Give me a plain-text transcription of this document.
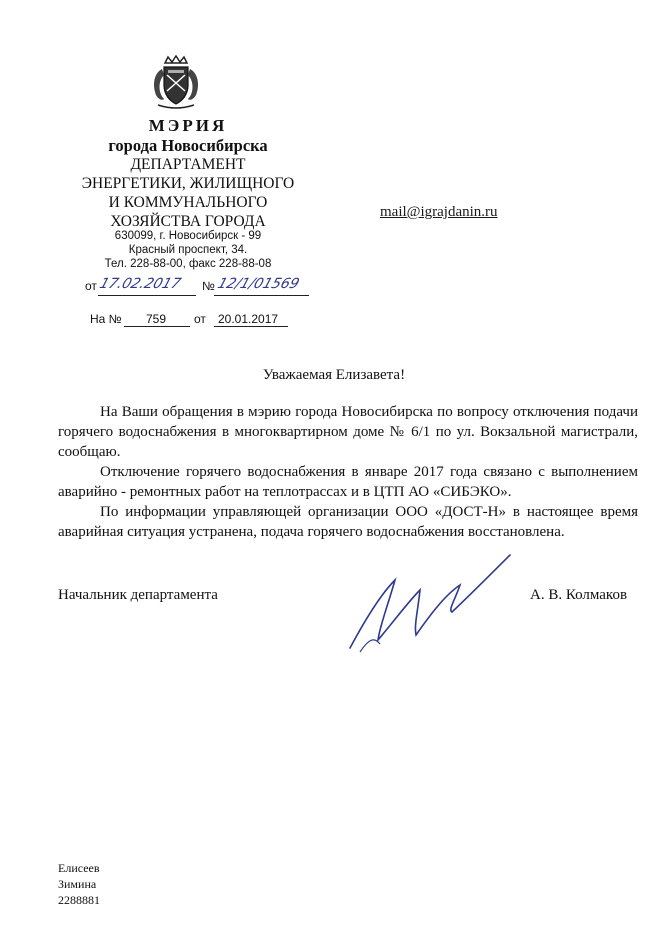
МЭРИЯ
города Новосибирска
ДЕПАРТАМЕНТ
ЭНЕРГЕТИКИ, ЖИЛИЩНОГО
И КОММУНАЛЬНОГО
ХОЗЯЙСТВА ГОРОДА
630099, г. Новосибирск - 99
Красный проспект, 34.
Тел. 228-88-00, факс 228-88-08
mail@igrajdanin.ru
от 17.02.2017 № 12/1/01569
На № 759 от 20.01.2017
Уважаемая Елизавета!

На Ваши обращения в мэрию города Новосибирска по вопросу отключения подачи горячего водоснабжения в многоквартирном доме № 6/1 по ул. Вокзальной магистрали, сообщаю.

Отключение горячего водоснабжения в январе 2017 года связано с выполнением аварийно - ремонтных работ на теплотрассах и в ЦТП АО «СИБЭКО».

По информации управляющей организации ООО «ДОСТ-Н» в настоящее время аварийная ситуация устранена, подача горячего водоснабжения восстановлена.

Начальник департамента	А. В. Колмаков
Елисеев
Зимина
2288881
